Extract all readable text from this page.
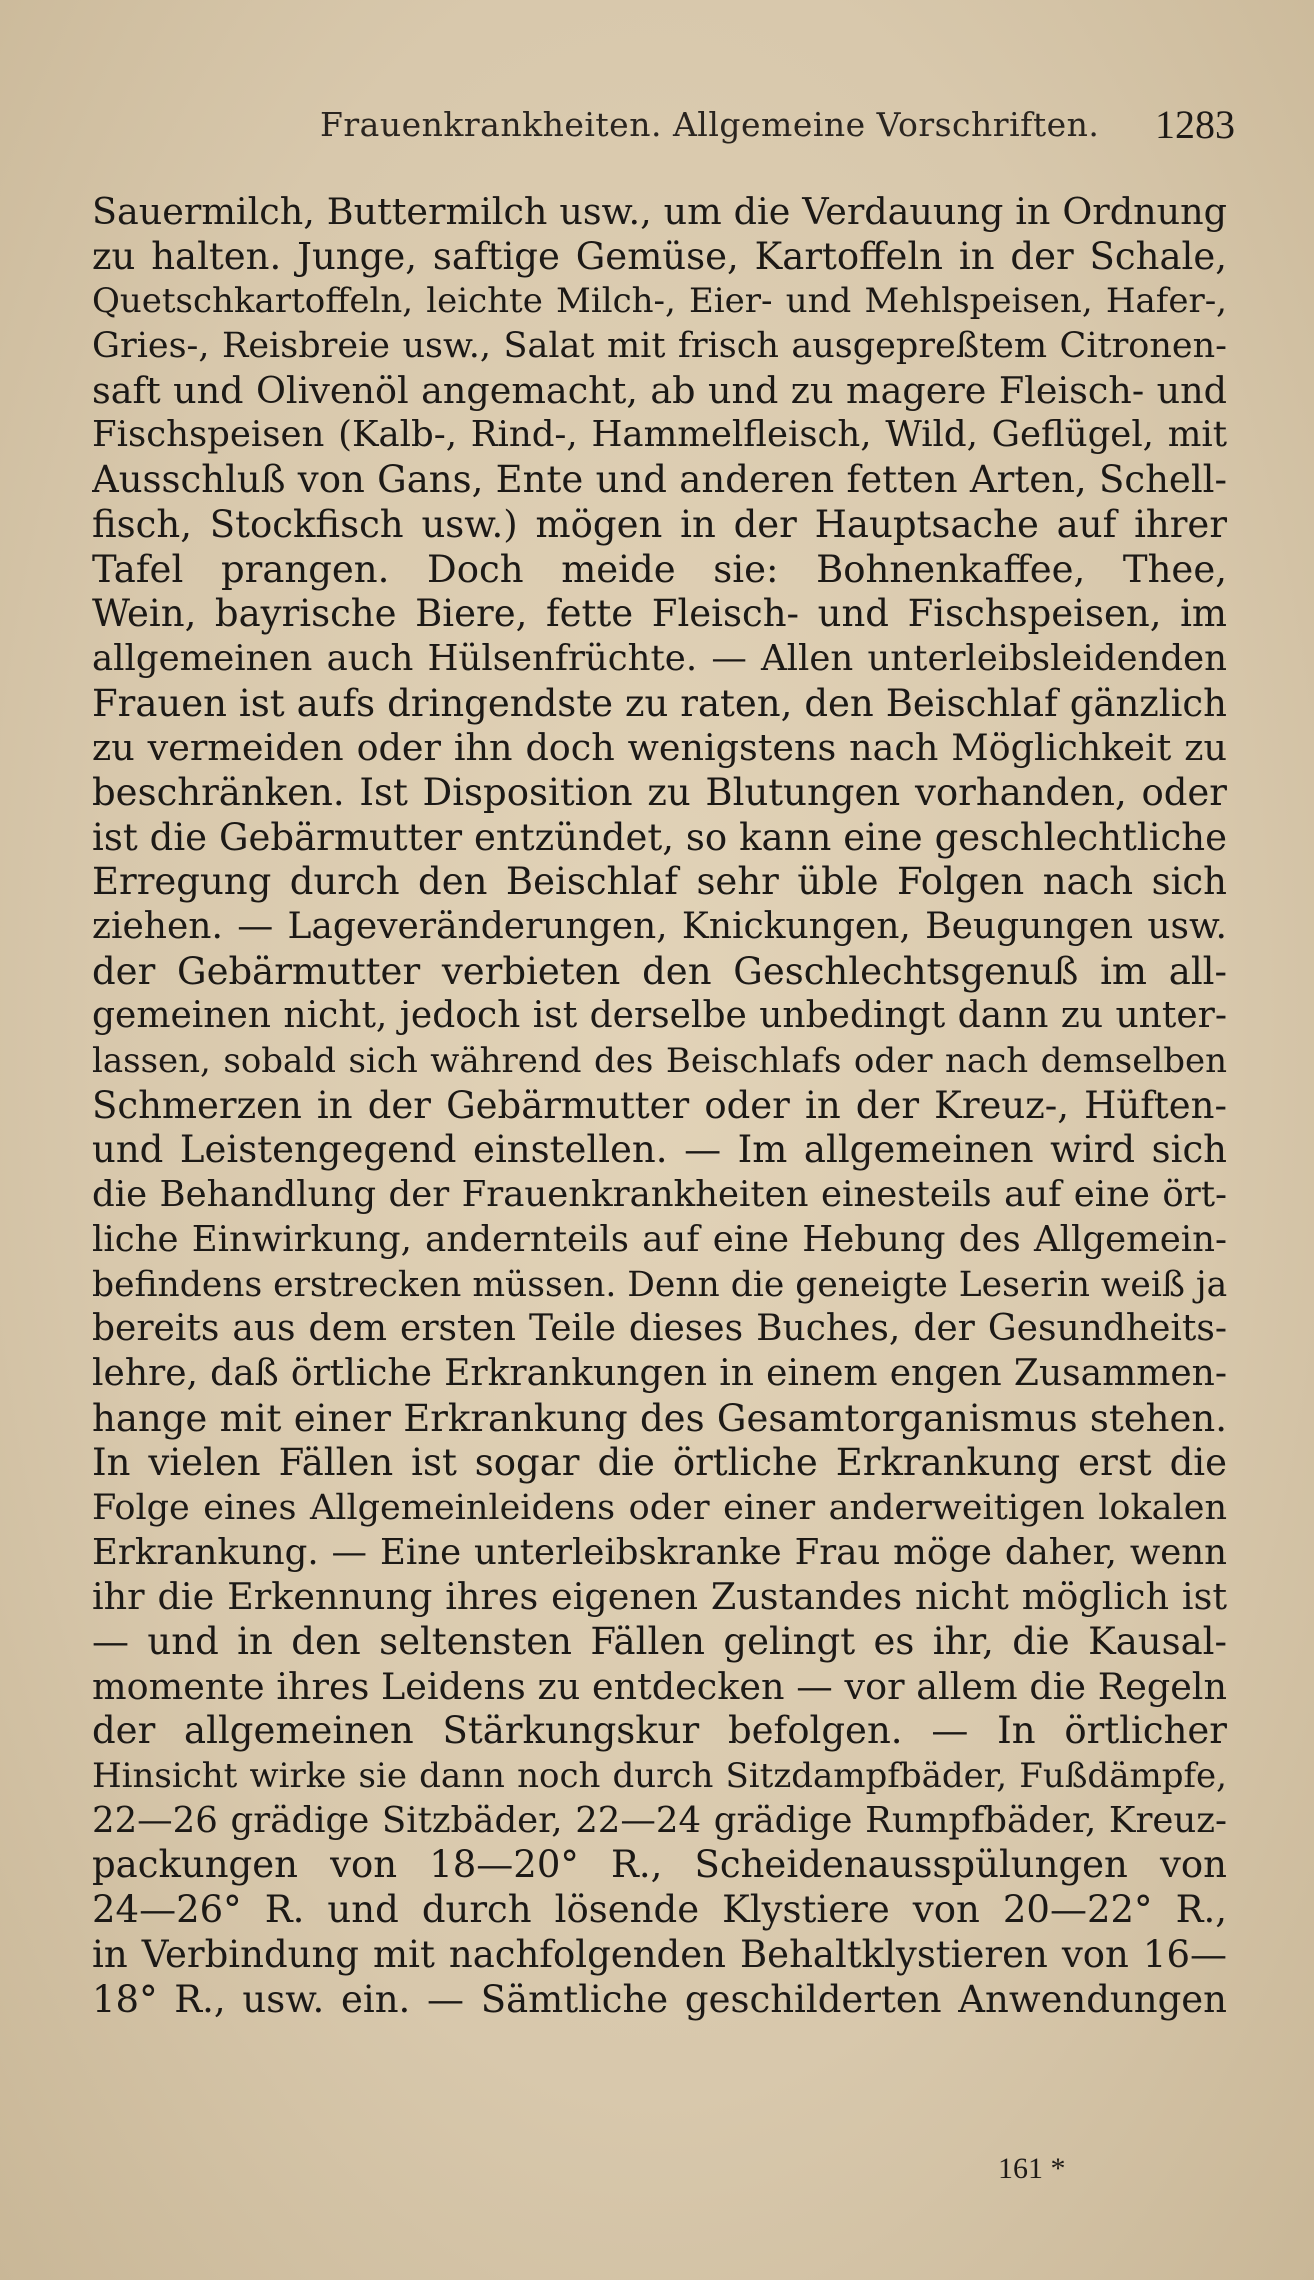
Frauenkrankheiten. Allgemeine Vorschriften. 1283
Sauermilch, Buttermilch usw., um die Verdauung in Ordnung
zu halten. Junge, saftige Gemüse, Kartoffeln in der Schale,
Quetschkartoffeln, leichte Milch-, Eier- und Mehlspeisen, Hafer-,
Gries-, Reisbreie usw., Salat mit frisch ausgepreßtem Citronen-
saft und Olivenöl angemacht, ab und zu magere Fleisch- und
Fischspeisen (Kalb-, Rind-, Hammelfleisch, Wild, Geflügel, mit
Ausschluß von Gans, Ente und anderen fetten Arten, Schell-
fisch, Stockfisch usw.) mögen in der Hauptsache auf ihrer
Tafel prangen. Doch meide sie: Bohnenkaffee, Thee,
Wein, bayrische Biere, fette Fleisch- und Fischspeisen, im
allgemeinen auch Hülsenfrüchte. — Allen unterleibsleidenden
Frauen ist aufs dringendste zu raten, den Beischlaf gänzlich
zu vermeiden oder ihn doch wenigstens nach Möglichkeit zu
beschränken. Ist Disposition zu Blutungen vorhanden, oder
ist die Gebärmutter entzündet, so kann eine geschlechtliche
Erregung durch den Beischlaf sehr üble Folgen nach sich
ziehen. — Lageveränderungen, Knickungen, Beugungen usw.
der Gebärmutter verbieten den Geschlechtsgenuß im all-
gemeinen nicht, jedoch ist derselbe unbedingt dann zu unter-
lassen, sobald sich während des Beischlafs oder nach demselben
Schmerzen in der Gebärmutter oder in der Kreuz-, Hüften-
und Leistengegend einstellen. — Im allgemeinen wird sich
die Behandlung der Frauenkrankheiten einesteils auf eine ört-
liche Einwirkung, andernteils auf eine Hebung des Allgemein-
befindens erstrecken müssen. Denn die geneigte Leserin weiß ja
bereits aus dem ersten Teile dieses Buches, der Gesundheits-
lehre, daß örtliche Erkrankungen in einem engen Zusammen-
hange mit einer Erkrankung des Gesamtorganismus stehen.
In vielen Fällen ist sogar die örtliche Erkrankung erst die
Folge eines Allgemeinleidens oder einer anderweitigen lokalen
Erkrankung. — Eine unterleibskranke Frau möge daher, wenn
ihr die Erkennung ihres eigenen Zustandes nicht möglich ist
— und in den seltensten Fällen gelingt es ihr, die Kausal-
momente ihres Leidens zu entdecken — vor allem die Regeln
der allgemeinen Stärkungskur befolgen. — In örtlicher
Hinsicht wirke sie dann noch durch Sitzdampfbäder, Fußdämpfe,
22—26 grädige Sitzbäder, 22—24 grädige Rumpfbäder, Kreuz-
packungen von 18—20° R., Scheidenausspülungen von
24—26° R. und durch lösende Klystiere von 20—22° R.,
in Verbindung mit nachfolgenden Behaltklystieren von 16—
18° R., usw. ein. — Sämtliche geschilderten Anwendungen
161 *
